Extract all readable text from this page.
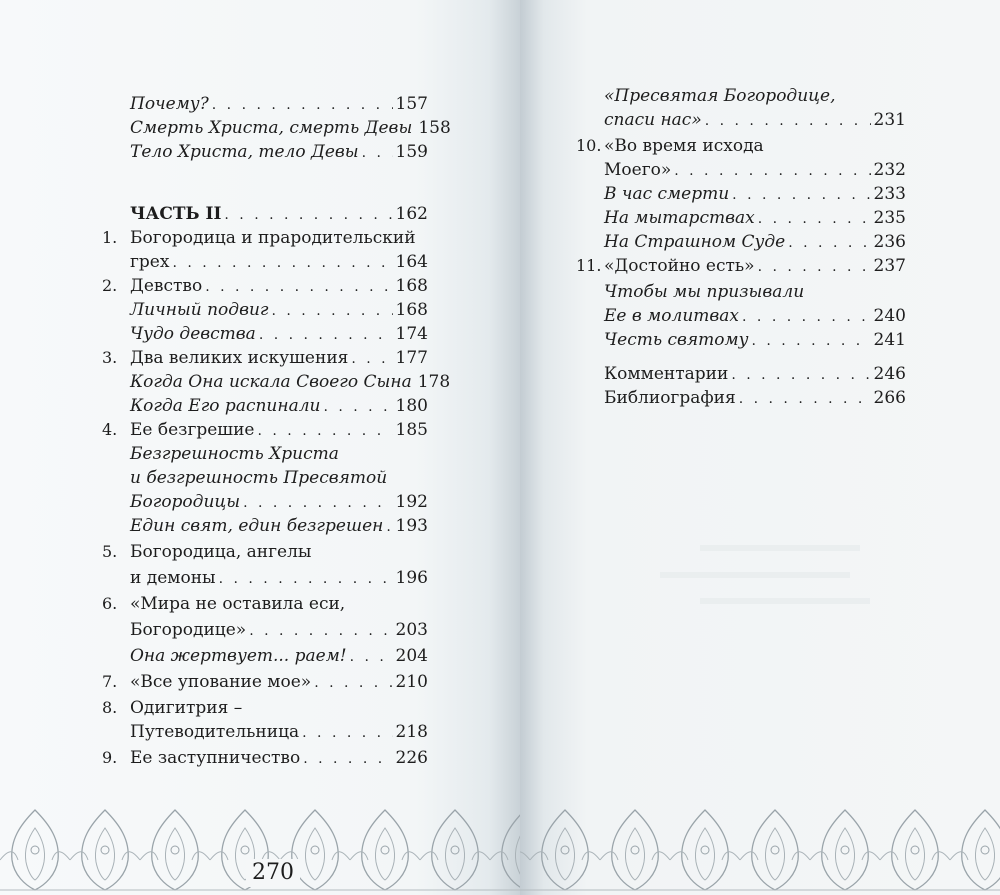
Почему? . . .	157
Смерть Христа, смерть Девы 158
Тело Христа, тело Девы . . . 159
ЧАСТЬ II . . .	162
1. Богородица и прародительский
грех . . .	164
2. Девство . . .	168
Личный подвиг . . .	168
Чудо девства . . .	174
3. Два великих искушения . . .	177
Когда Она искала Своего Сына 178
Когда Его распинали . . .	180
4. Ее безгрешие . . .	185
Безгрешность Христа
и безгрешность Пресвятой
Богородицы . . .	192
Един свят, един безгрешен . . . 193
5. Богородица, ангелы
и демоны . . .	196
6. «Мира не оставила еси,
Богородице» . . .	203
Она жертвует... раем! . . .	204
7. «Все упование мое» . . .	210
8. Одигитрия –
Путеводительница . . .	218
9. Ее заступничество . . .	226
270
«Пресвятая Богородице,
спаси нас» . . .	231
10. «Во время исхода
Моего» . . .	232
В час смерти . . .	233
На мытарствах . . .	235
На Страшном Суде . . .	236
11. «Достойно есть» . . .	237
Чтобы мы призывали
Ее в молитвах . . .	240
Честь святому . . .	241
Комментарии . . .	246
Библиография . . .	266
